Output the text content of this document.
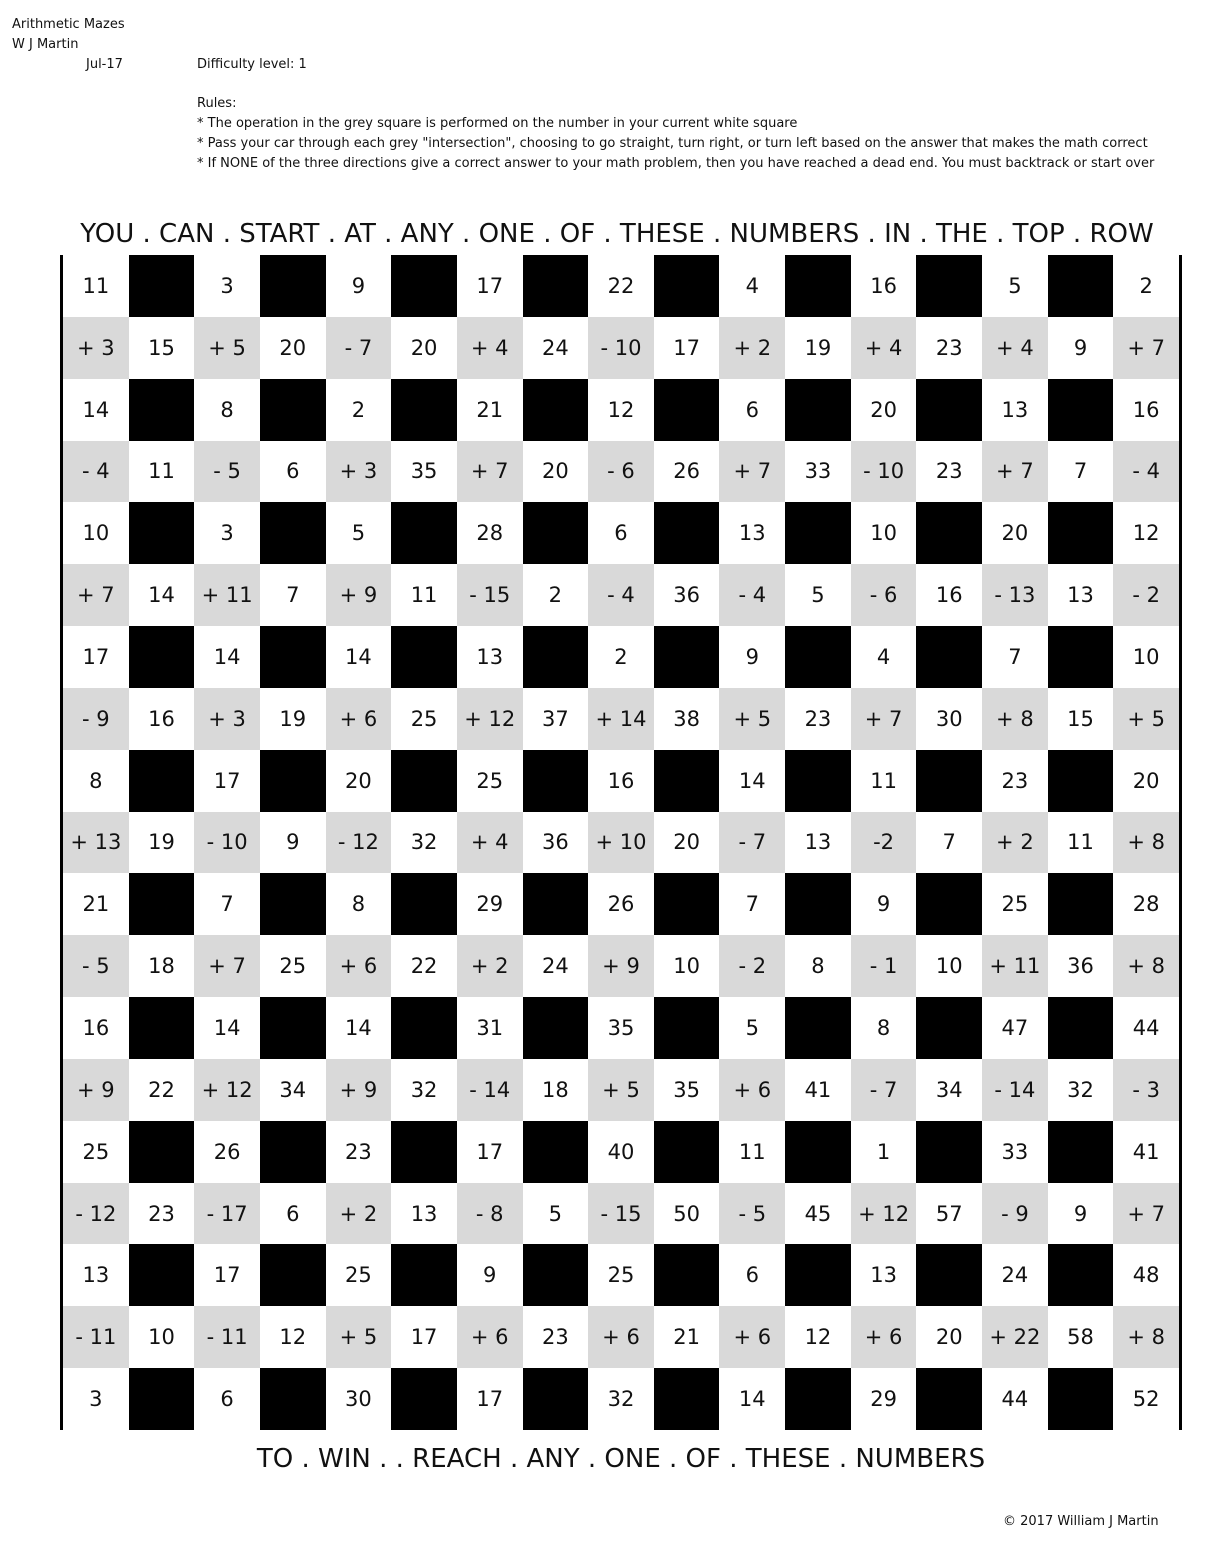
Arithmetic Mazes
W J Martin
Jul-17	Difficulty level: 1
Rules:
* The operation in the grey square is performed on the number in your current white square
* Pass your car through each grey "intersection", choosing to go straight, turn right, or turn left based on the answer that makes the math correct
* If NONE of the three directions give a correct answer to your math problem, then you have reached a dead end. You must backtrack or start over
YOU . CAN . START . AT . ANY . ONE . OF . THESE . NUMBERS . IN . THE . TOP . ROW
11	3	9	17	22	4	16	5	2
+ 3	15	+ 5	20	- 7	20	+ 4	24	- 10	17	+ 2	19	+ 4	23	+ 4	9	+ 7
14	8	2	21	12	6	20	13	16
- 4	11	- 5	6	+ 3	35	+ 7	20	- 6	26	+ 7	33	- 10	23	+ 7	7	- 4
10	3	5	28	6	13	10	20	12
+ 7	14	+ 11	7	+ 9	11	- 15	2	- 4	36	- 4	5	- 6	16	- 13	13	- 2
17	14	14	13	2	9	4	7	10
- 9	16	+ 3	19	+ 6	25	+ 12	37	+ 14	38	+ 5	23	+ 7	30	+ 8	15	+ 5
8	17	20	25	16	14	11	23	20
+ 13	19	- 10	9	- 12	32	+ 4	36	+ 10	20	- 7	13	-2	7	+ 2	11	+ 8
21	7	8	29	26	7	9	25	28
- 5	18	+ 7	25	+ 6	22	+ 2	24	+ 9	10	- 2	8	- 1	10	+ 11	36	+ 8
16	14	14	31	35	5	8	47	44
+ 9	22	+ 12	34	+ 9	32	- 14	18	+ 5	35	+ 6	41	- 7	34	- 14	32	- 3
25	26	23	17	40	11	1	33	41
- 12	23	- 17	6	+ 2	13	- 8	5	- 15	50	- 5	45	+ 12	57	- 9	9	+ 7
13	17	25	9	25	6	13	24	48
- 11	10	- 11	12	+ 5	17	+ 6	23	+ 6	21	+ 6	12	+ 6	20	+ 22	58	+ 8
3	6	30	17	32	14	29	44	52
TO . WIN . . REACH . ANY . ONE . OF . THESE . NUMBERS
© 2017 William J Martin
